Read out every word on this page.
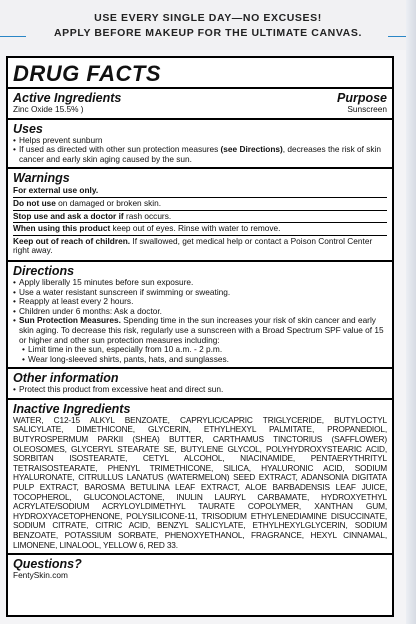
USE EVERY SINGLE DAY—NO EXCUSES!
APPLY BEFORE MAKEUP FOR THE ULTIMATE CANVAS.
DRUG FACTS
Active Ingredients	Purpose
Zinc Oxide 15.5% )	Sunscreen
Uses
• Helps prevent sunburn
• If used as directed with other sun protection measures (see Directions), decreases the risk of skin cancer and early skin aging caused by the sun.
Warnings
For external use only.
Do not use on damaged or broken skin.
Stop use and ask a doctor if rash occurs.
When using this product keep out of eyes. Rinse with water to remove.
Keep out of reach of children. If swallowed, get medical help or contact a Poison Control Center right away.
Directions
• Apply liberally 15 minutes before sun exposure.
• Use a water resistant sunscreen if swimming or sweating.
• Reapply at least every 2 hours.
• Children under 6 months: Ask a doctor.
• Sun Protection Measures. Spending time in the sun increases your risk of skin cancer and early skin aging. To decrease this risk, regularly use a sunscreen with a Broad Spectrum SPF value of 15 or higher and other sun protection measures including:
• Limit time in the sun, especially from 10 a.m. - 2 p.m.
• Wear long-sleeved shirts, pants, hats, and sunglasses.
Other information
• Protect this product from excessive heat and direct sun.
Inactive Ingredients
WATER, C12-15 ALKYL BENZOATE, CAPRYLIC/CAPRIC TRIGLYCERIDE, BUTYLOCTYL SALICYLATE, DIMETHICONE, GLYCERIN, ETHYLHEXYL PALMITATE, PROPANEDIOL, BUTYROSPERMUM PARKII (SHEA) BUTTER, CARTHAMUS TINCTORIUS (SAFFLOWER) OLEOSOMES, GLYCERYL STEARATE SE, BUTYLENE GLYCOL, POLYHYDROXYSTEARIC ACID, SORBITAN ISOSTEARATE, CETYL ALCOHOL, NIACINAMIDE, PENTAERYTHRITYL TETRAISOSTEARATE, PHENYL TRIMETHICONE, SILICA, HYALURONIC ACID, SODIUM HYALURONATE, CITRULLUS LANATUS (WATERMELON) SEED EXTRACT, ADANSONIA DIGITATA PULP EXTRACT, BAROSMA BETULINA LEAF EXTRACT, ALOE BARBADENSIS LEAF JUICE, TOCOPHEROL, GLUCONOLACTONE, INULIN LAURYL CARBAMATE, HYDROXYETHYL ACRYLATE/SODIUM ACRYLOYLDIMETHYL TAURATE COPOLYMER, XANTHAN GUM, HYDROXYACETOPHENONE, POLYSILICONE-11, TRISODIUM ETHYLENEDIAMINE DISUCCINATE, SODIUM CITRATE, CITRIC ACID, BENZYL SALICYLATE, ETHYLHEXYLGLYCERIN, SODIUM BENZOATE, POTASSIUM SORBATE, PHENOXYETHANOL, FRAGRANCE, HEXYL CINNAMAL, LIMONENE, LINALOOL, YELLOW 6, RED 33.
Questions?
FentySkin.com
